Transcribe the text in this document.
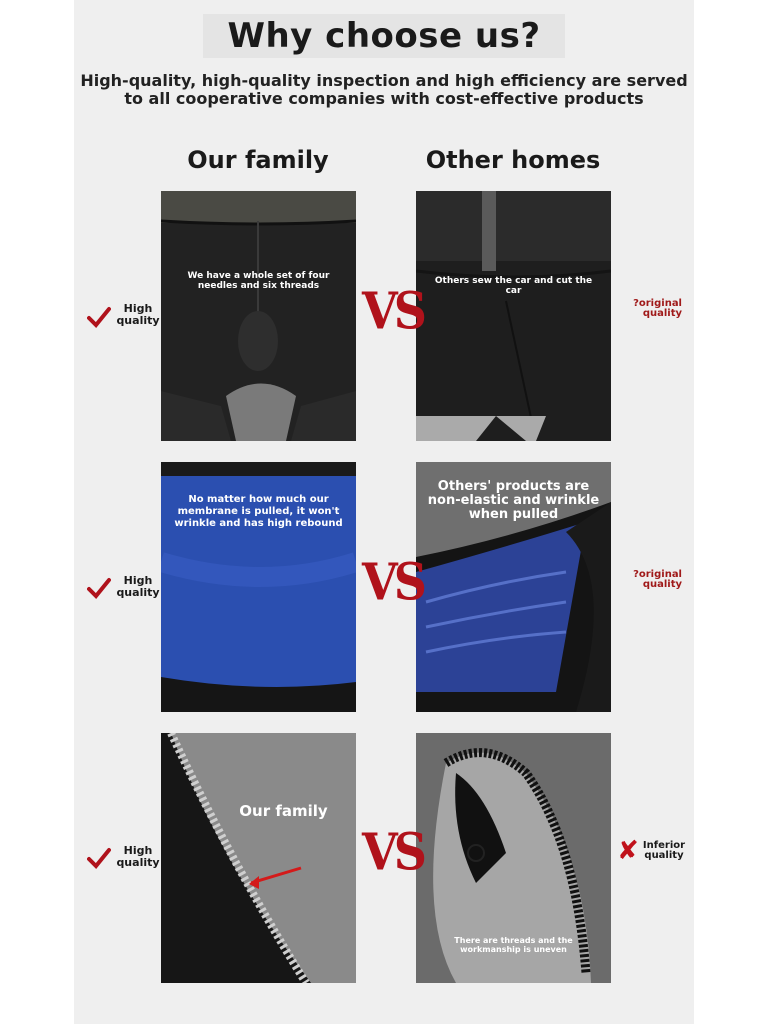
Why choose us?
High-quality, high-quality inspection and high efficiency are served to all cooperative companies with cost-effective products
Our family	Other homes
We have a whole set of four needles and six threads	Others sew the car and cut the car
High quality	VS	?original quality
No matter how much our membrane is pulled, it won't wrinkle and has high rebound
Others' products are non-elastic and wrinkle when pulled
High quality	VS	?original quality
Our family
There are threads and the workmanship is uneven
High quality	VS	✘ Inferior quality
